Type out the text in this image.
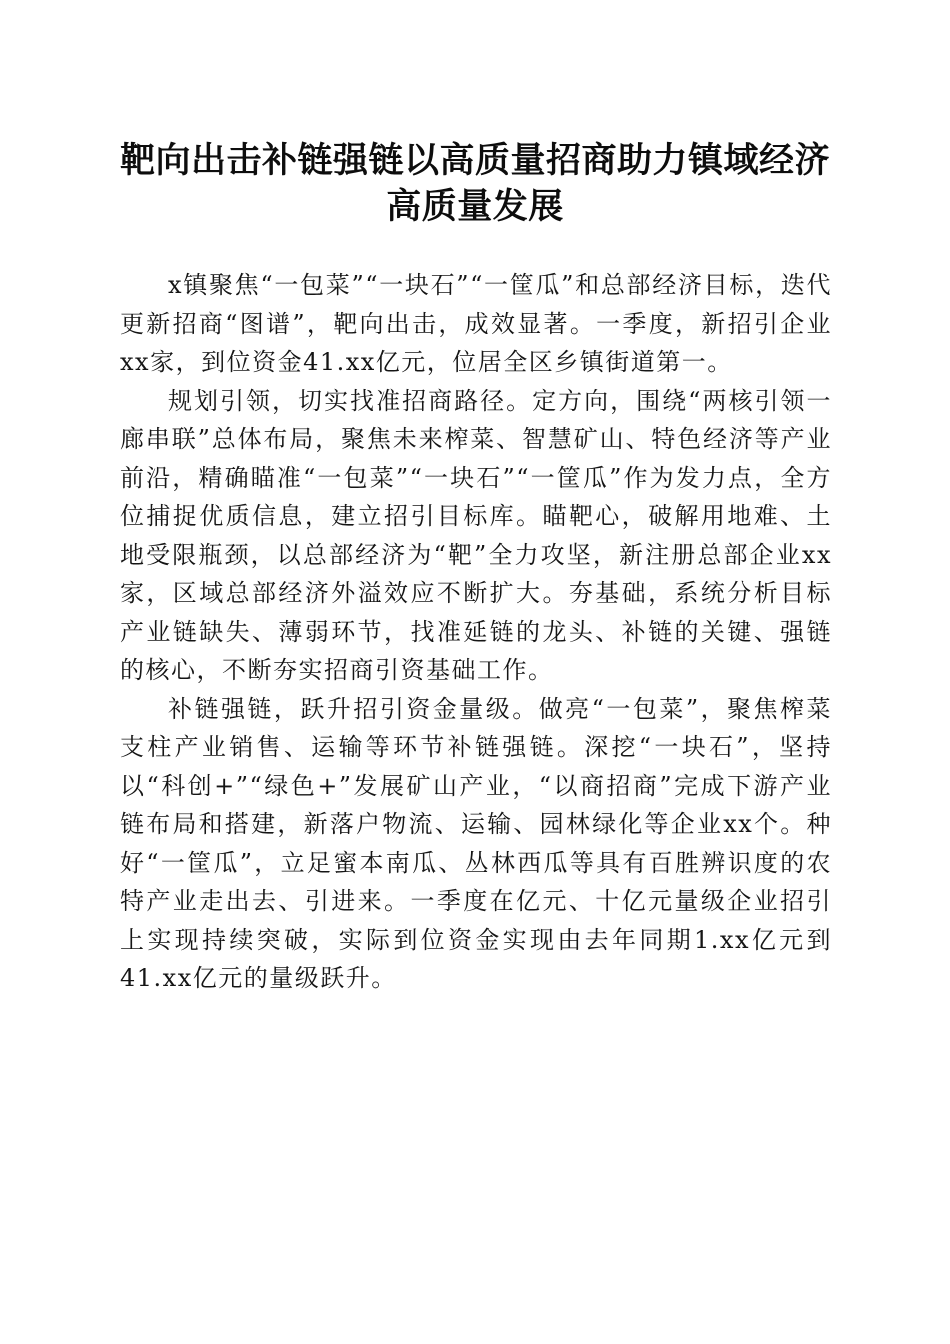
靶向出击补链强链以高质量招商助力镇域经济
高质量发展

x镇聚焦“一包菜”“一块石”“一筐瓜”和总部经济目标，迭代更新招商“图谱”，靶向出击，成效显著。一季度，新招引企业xx家，到位资金41.xx亿元，位居全区乡镇街道第一。

规划引领，切实找准招商路径。定方向，围绕“两核引领一廊串联”总体布局，聚焦未来榨菜、智慧矿山、特色经济等产业前沿，精确瞄准“一包菜”“一块石”“一筐瓜”作为发力点，全方位捕捉优质信息，建立招引目标库。瞄靶心，破解用地难、土地受限瓶颈，以总部经济为“靶”全力攻坚，新注册总部企业xx家，区域总部经济外溢效应不断扩大。夯基础，系统分析目标产业链缺失、薄弱环节，找准延链的龙头、补链的关键、强链的核心，不断夯实招商引资基础工作。

补链强链，跃升招引资金量级。做亮“一包菜”，聚焦榨菜支柱产业销售、运输等环节补链强链。深挖“一块石”，坚持以“科创+”“绿色+”发展矿山产业，“以商招商”完成下游产业链布局和搭建，新落户物流、运输、园林绿化等企业xx个。种好“一筐瓜”，立足蜜本南瓜、丛林西瓜等具有百胜辨识度的农特产业走出去、引进来。一季度在亿元、十亿元量级企业招引上实现持续突破，实际到位资金实现由去年同期1.xx亿元到41.xx亿元的量级跃升。
